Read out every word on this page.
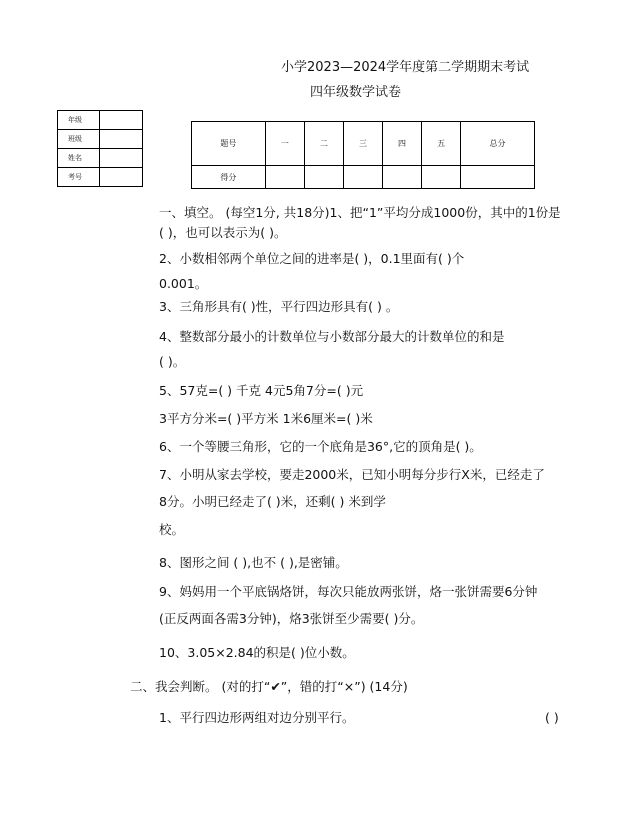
小学2023—2024学年度第二学期期末考试
四年级数学试卷
年级	
班级	
姓名	
考号	
题号	一	二	三	四	五	总分
得分						
一、填空。 (每空1分, 共18分)1、把“1”平均分成1000份，其中的1份是
( )，也可以表示为( )。
2、小数相邻两个单位之间的进率是( )，0.1里面有( )个
0.001。
3、三角形具有( )性，平行四边形具有( ) 。
4、整数部分最小的计数单位与小数部分最大的计数单位的和是
( )。
5、57克=( ) 千克 4元5角7分=( )元
3平方分米=( )平方米 1米6厘米=( )米
6、一个等腰三角形，它的一个底角是36°,它的顶角是( )。
7、小明从家去学校，要走2000米，已知小明每分步行X米，已经走了
8分。小明已经走了( )米，还剩( ) 米到学
校。
8、图形之间 ( ),也不 ( ),是密铺。
9、妈妈用一个平底锅烙饼，每次只能放两张饼，烙一张饼需要6分钟
(正反两面各需3分钟)，烙3张饼至少需要( )分。
10、3.05×2.84的积是( )位小数。
二、我会判断。 (对的打“✔”，错的打“×”) (14分)
1、平行四边形两组对边分别平行。	( )
